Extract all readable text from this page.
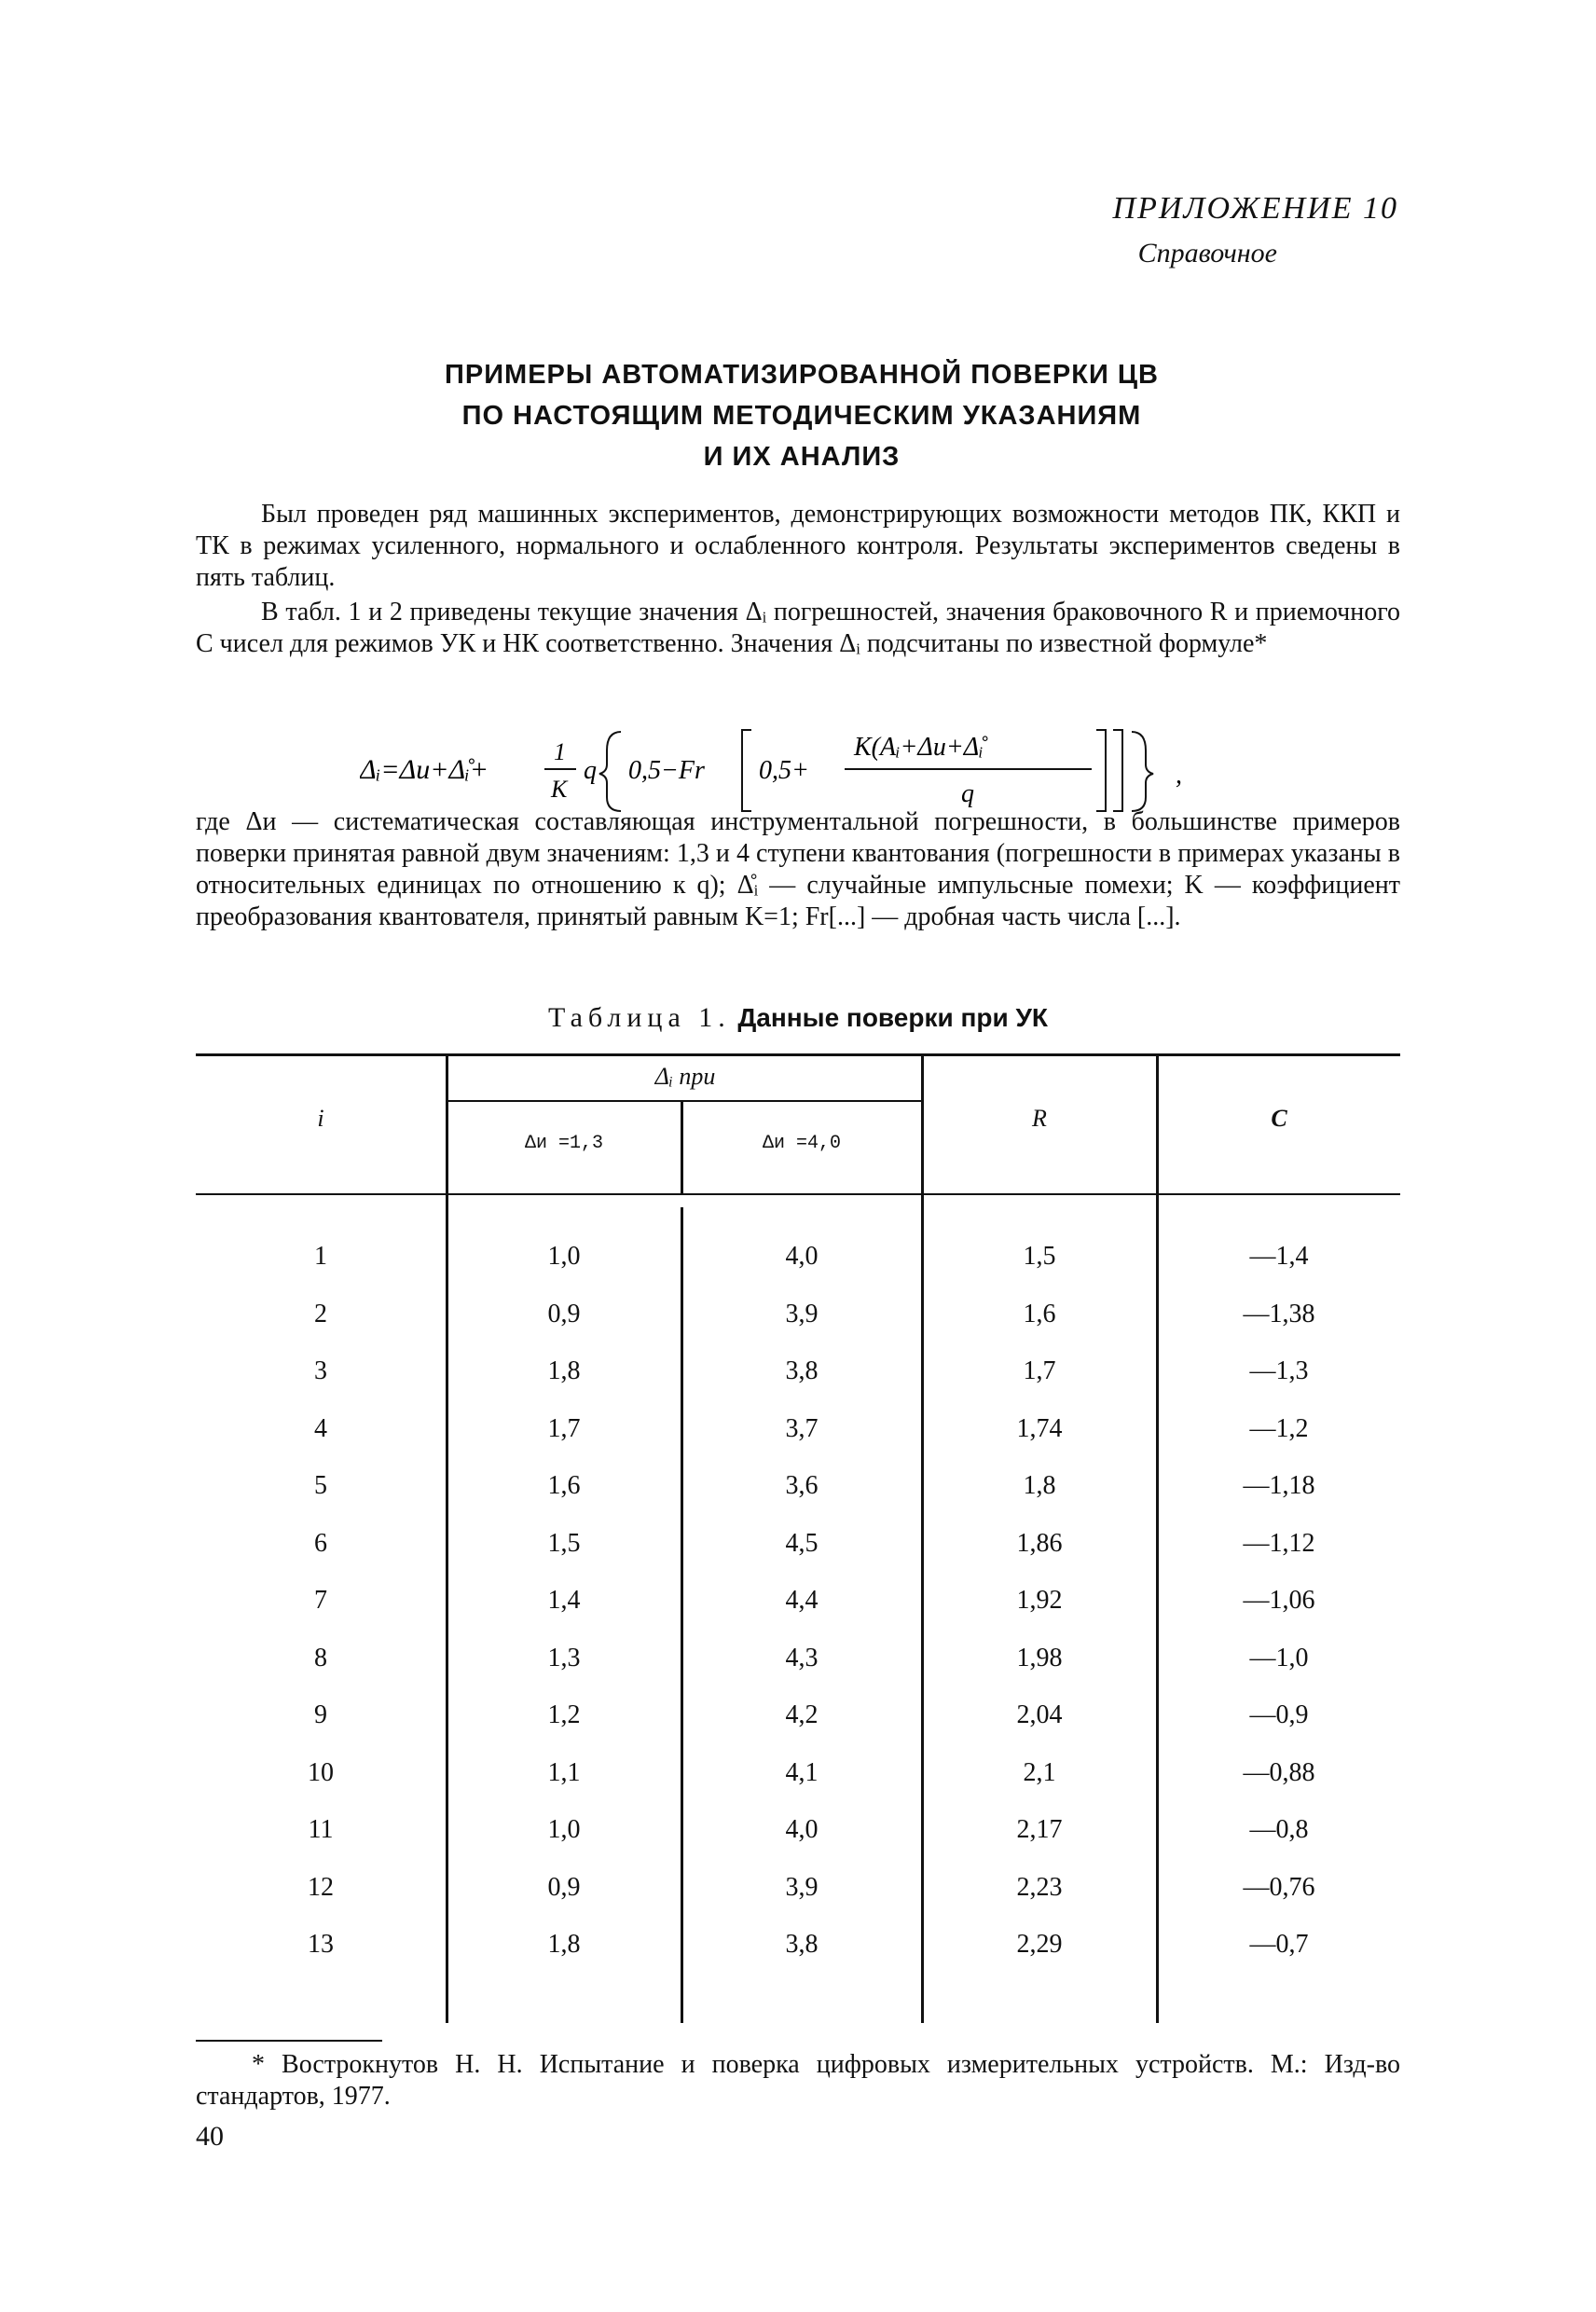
ПРИЛОЖЕНИЕ 10
Справочное
ПРИМЕРЫ АВТОМАТИЗИРОВАННОЙ ПОВЕРКИ ЦВ
ПО НАСТОЯЩИМ МЕТОДИЧЕСКИМ УКАЗАНИЯМ
И ИХ АНАЛИЗ
Был проведен ряд машинных экспериментов, демонстрирующих возможности методов ПК, ККП и ТК в режимах усиленного, нормального и ослабленного контроля. Результаты экспериментов сведены в пять таблиц.
В табл. 1 и 2 приведены текущие значения Δᵢ погрешностей, значения браковочного R и приемочного C чисел для режимов УК и НК соответственно. Значения Δᵢ подсчитаны по известной формуле*
Δᵢ=Δи+Δ̊ᵢ+
1
K
q 0,5−Fr 0,5+
K(Aᵢ+Δи+Δ̊ᵢ
q
,
где Δи — систематическая составляющая инструментальной погрешности, в большинстве примеров поверки принятая равной двум значениям: 1,3 и 4 ступени квантования (погрешности в примерах указаны в относительных единицах по отношению к q); Δ̊ᵢ — случайные импульсные помехи; K — коэффициент преобразования квантователя, принятый равным K=1; Fr[...] — дробная часть числа [...].
Таблица 1. Данные поверки при УК
i
Δᵢ при
Δи =1,3	Δи =4,0
R	C
1	1,0	4,0	1,5	—1,4
2	0,9	3,9	1,6	—1,38
3	1,8	3,8	1,7	—1,3
4	1,7	3,7	1,74	—1,2
5	1,6	3,6	1,8	—1,18
6	1,5	4,5	1,86	—1,12
7	1,4	4,4	1,92	—1,06
8	1,3	4,3	1,98	—1,0
9	1,2	4,2	2,04	—0,9
10	1,1	4,1	2,1	—0,88
11	1,0	4,0	2,17	—0,8
12	0,9	3,9	2,23	—0,76
13	1,8	3,8	2,29	—0,7
* Вострокнутов Н. Н. Испытание и поверка цифровых измерительных устройств. М.: Изд-во стандартов, 1977.
40
